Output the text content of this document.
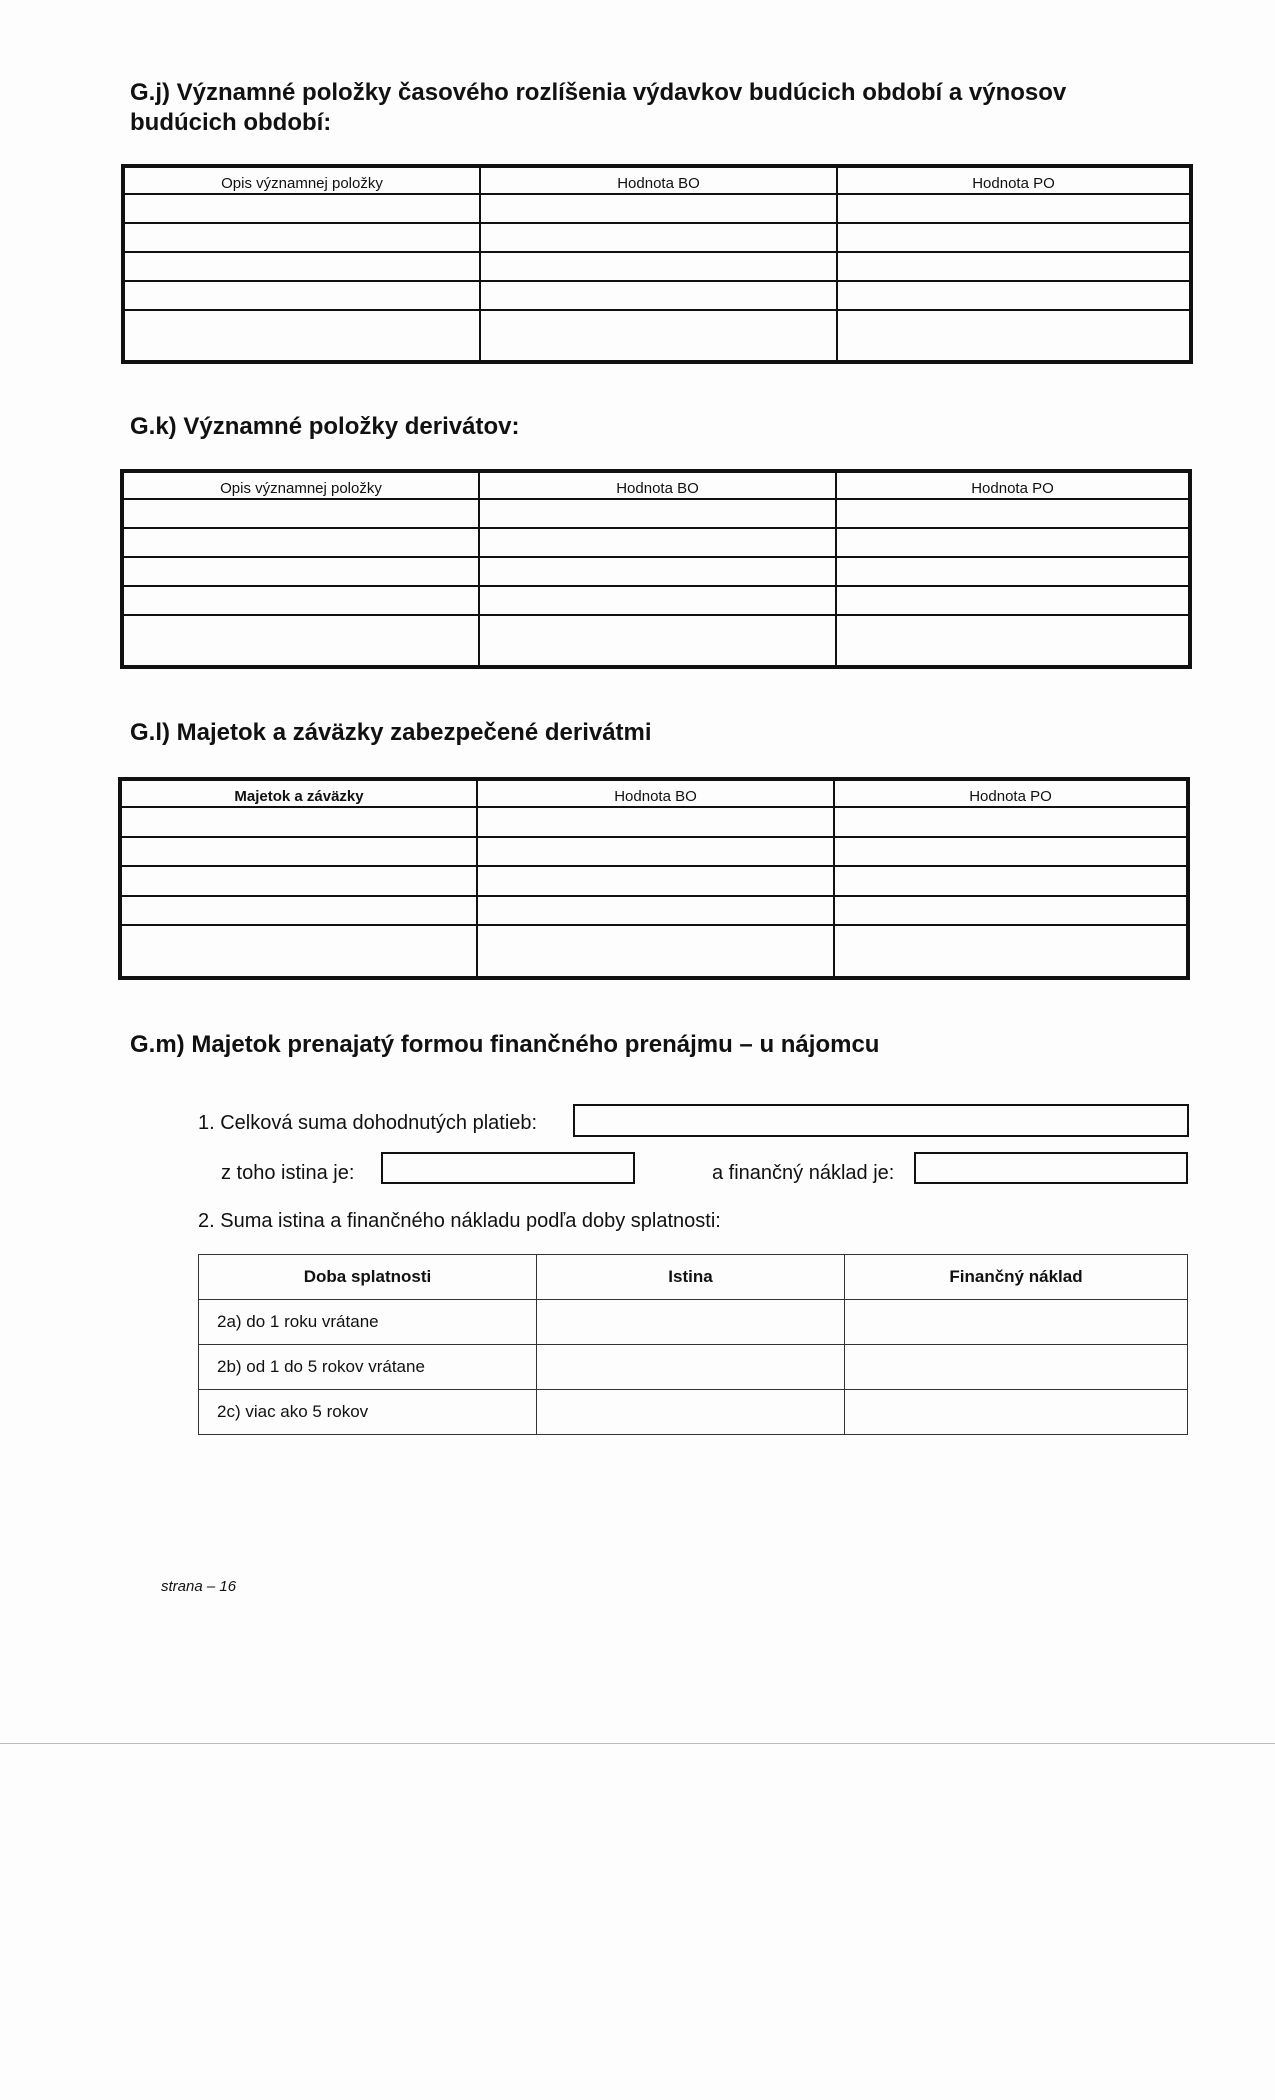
G.j) Významné položky časového rozlíšenia výdavkov budúcich období a výnosov budúcich období:
Opis významnej položky	Hodnota BO	Hodnota PO

G.k) Významné položky derivátov:
Opis významnej položky	Hodnota BO	Hodnota PO

G.l) Majetok a záväzky zabezpečené derivátmi
Majetok a záväzky	Hodnota BO	Hodnota PO

G.m) Majetok prenajatý formou finančného prenájmu – u nájomcu
1. Celková suma dohodnutých platieb:
z toho istina je:	a finančný náklad je:
2. Suma istina a finančného nákladu podľa doby splatnosti:
Doba splatnosti	Istina	Finančný náklad
2a) do 1 roku vrátane		
2b) od 1 do 5 rokov vrátane		
2c) viac ako 5 rokov		
strana – 16
